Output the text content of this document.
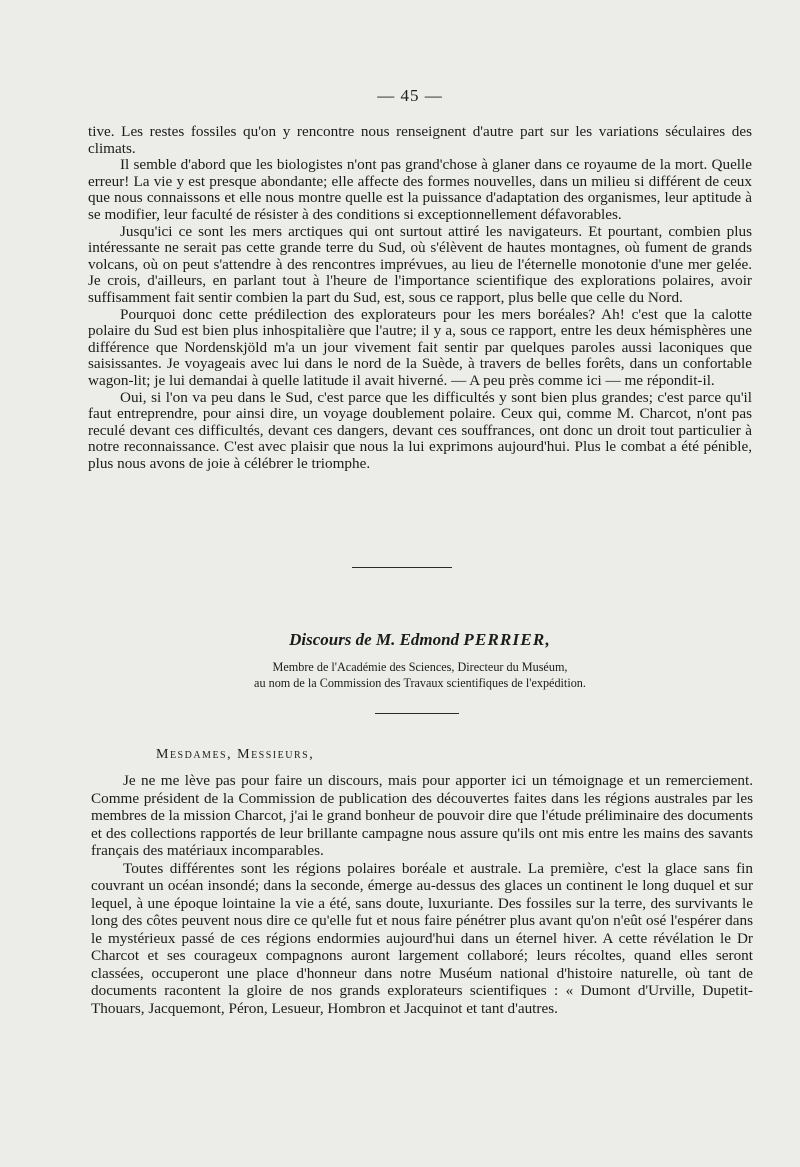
— 45 —

tive. Les restes fossiles qu'on y rencontre nous renseignent d'autre part sur les variations séculaires des climats.

Il semble d'abord que les biologistes n'ont pas grand'chose à glaner dans ce royaume de la mort. Quelle erreur! La vie y est presque abondante; elle affecte des formes nouvelles, dans un milieu si différent de ceux que nous connaissons et elle nous montre quelle est la puissance d'adaptation des organismes, leur aptitude à se modifier, leur faculté de résister à des conditions si exceptionnellement défavorables.

Jusqu'ici ce sont les mers arctiques qui ont surtout attiré les navigateurs. Et pourtant, combien plus intéressante ne serait pas cette grande terre du Sud, où s'élèvent de hautes montagnes, où fument de grands volcans, où on peut s'attendre à des rencontres imprévues, au lieu de l'éternelle monotonie d'une mer gelée. Je crois, d'ailleurs, en parlant tout à l'heure de l'importance scientifique des explorations polaires, avoir suffisamment fait sentir combien la part du Sud, est, sous ce rapport, plus belle que celle du Nord.

Pourquoi donc cette prédilection des explorateurs pour les mers boréales? Ah! c'est que la calotte polaire du Sud est bien plus inhospitalière que l'autre; il y a, sous ce rapport, entre les deux hémisphères une différence que Nordenskjöld m'a un jour vivement fait sentir par quelques paroles aussi laconiques que saisissantes. Je voyageais avec lui dans le nord de la Suède, à travers de belles forêts, dans un confortable wagon-lit; je lui demandai à quelle latitude il avait hiverné. — A peu près comme ici — me répondit-il.

Oui, si l'on va peu dans le Sud, c'est parce que les difficultés y sont bien plus grandes; c'est parce qu'il faut entreprendre, pour ainsi dire, un voyage doublement polaire. Ceux qui, comme M. Charcot, n'ont pas reculé devant ces difficultés, devant ces dangers, devant ces souffrances, ont donc un droit tout particulier à notre reconnaissance. C'est avec plaisir que nous la lui exprimons aujourd'hui. Plus le combat a été pénible, plus nous avons de joie à célébrer le triomphe.

Discours de M. Edmond PERRIER,
Membre de l'Académie des Sciences, Directeur du Muséum,
au nom de la Commission des Travaux scientifiques de l'expédition.
Mesdames, Messieurs,

Je ne me lève pas pour faire un discours, mais pour apporter ici un témoignage et un remerciement. Comme président de la Commission de publication des découvertes faites dans les régions australes par les membres de la mission Charcot, j'ai le grand bonheur de pouvoir dire que l'étude préliminaire des documents et des collections rapportés de leur brillante campagne nous assure qu'ils ont mis entre les mains des savants français des matériaux incomparables.

Toutes différentes sont les régions polaires boréale et australe. La première, c'est la glace sans fin couvrant un océan insondé; dans la seconde, émerge au-dessus des glaces un continent le long duquel et sur lequel, à une époque lointaine la vie a été, sans doute, luxuriante. Des fossiles sur la terre, des survivants le long des côtes peuvent nous dire ce qu'elle fut et nous faire pénétrer plus avant qu'on n'eût osé l'espérer dans le mystérieux passé de ces régions endormies aujourd'hui dans un éternel hiver. A cette révélation le Dr Charcot et ses courageux compagnons auront largement collaboré; leurs récoltes, quand elles seront classées, occuperont une place d'honneur dans notre Muséum national d'histoire naturelle, où tant de documents racontent la gloire de nos grands explorateurs scientifiques : « Dumont d'Urville, Dupetit-Thouars, Jacquemont, Péron, Lesueur, Hombron et Jacquinot et tant d'autres.
